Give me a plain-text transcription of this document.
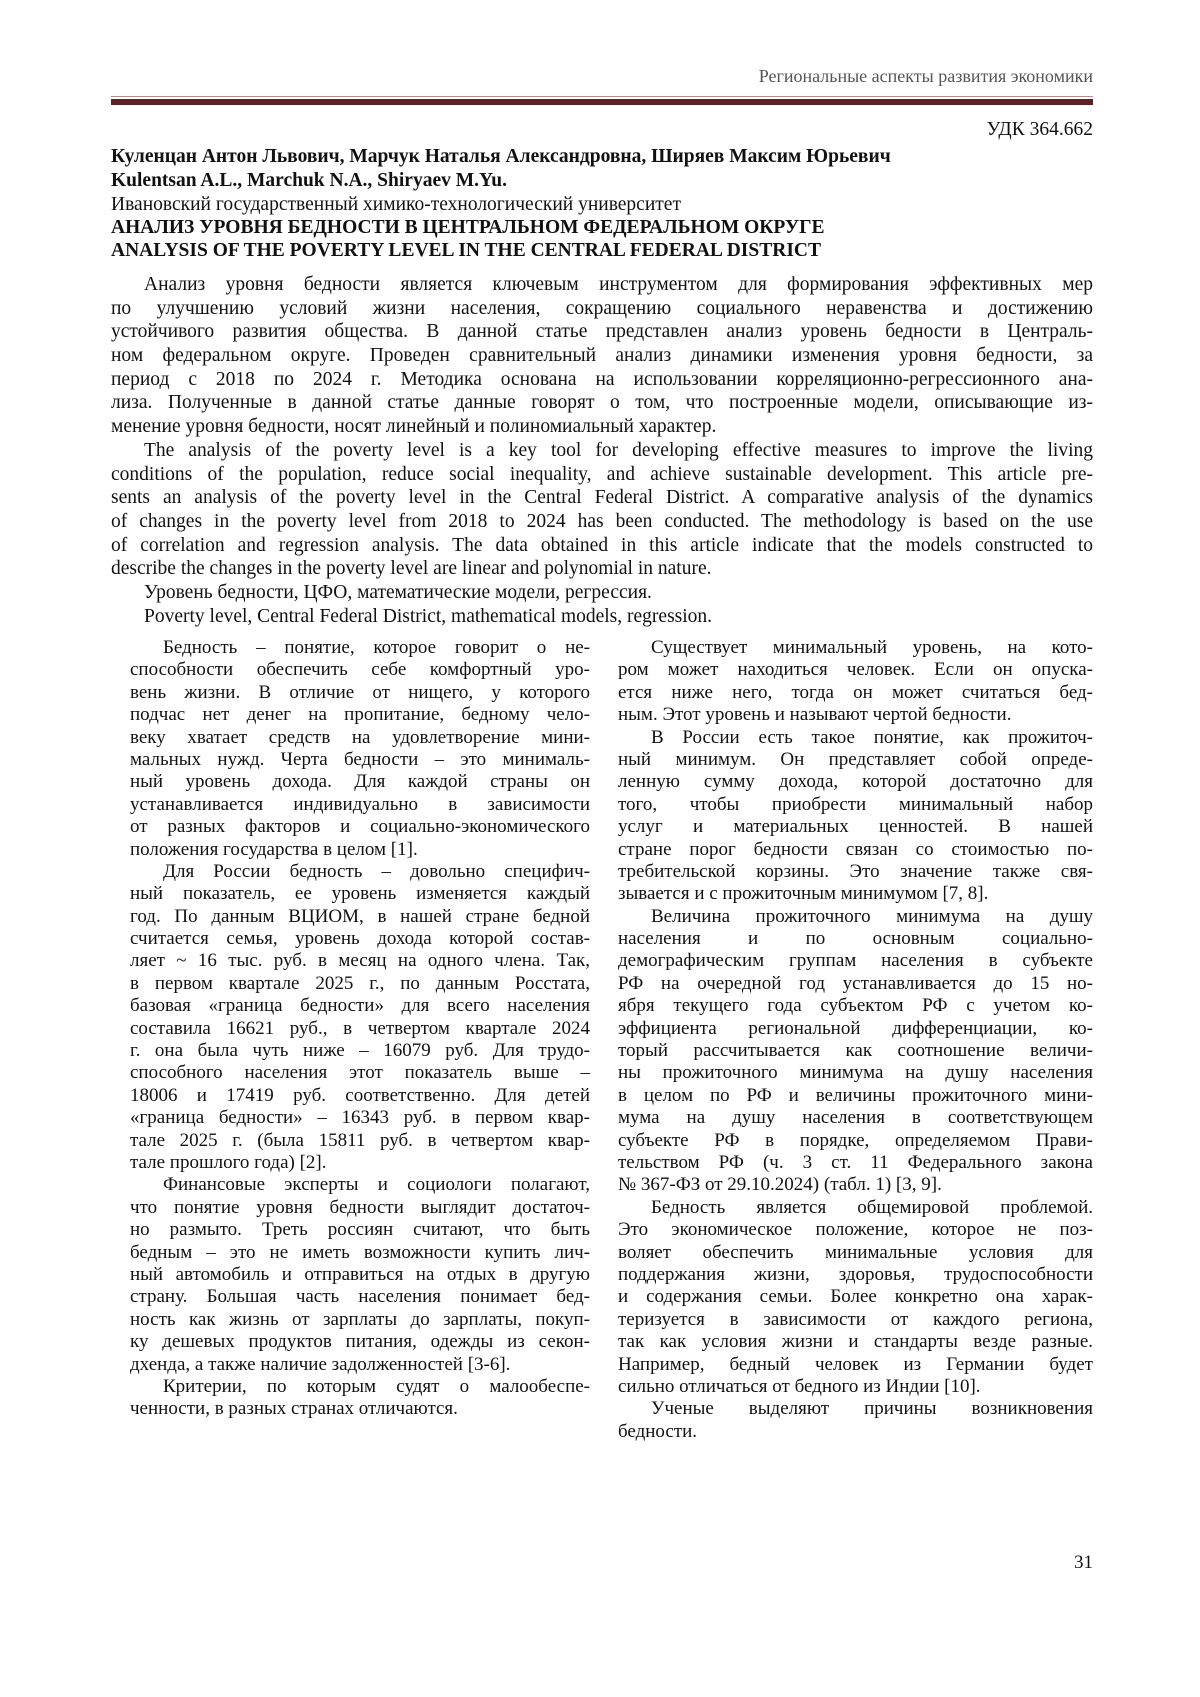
Региональные аспекты развития экономики
УДК 364.662
Куленцан Антон Львович, Марчук Наталья Александровна, Ширяев Максим Юрьевич
Kulentsan A.L., Marchuk N.A., Shiryaev M.Yu.
Ивановский государственный химико-технологический университет
АНАЛИЗ УРОВНЯ БЕДНОСТИ В ЦЕНТРАЛЬНОМ ФЕДЕРАЛЬНОМ ОКРУГЕ
ANALYSIS OF THE POVERTY LEVEL IN THE CENTRAL FEDERAL DISTRICT
Анализ уровня бедности является ключевым инструментом для формирования эффективных мер
по улучшению условий жизни населения, сокращению социального неравенства и достижению
устойчивого развития общества. В данной статье представлен анализ уровень бедности в Централь-
ном федеральном округе. Проведен сравнительный анализ динамики изменения уровня бедности, за
период с 2018 по 2024 г. Методика основана на использовании корреляционно-регрессионного ана-
лиза. Полученные в данной статье данные говорят о том, что построенные модели, описывающие из-
менение уровня бедности, носят линейный и полиномиальный характер.
The analysis of the poverty level is a key tool for developing effective measures to improve the living
conditions of the population, reduce social inequality, and achieve sustainable development. This article pre-
sents an analysis of the poverty level in the Central Federal District. A comparative analysis of the dynamics
of changes in the poverty level from 2018 to 2024 has been conducted. The methodology is based on the use
of correlation and regression analysis. The data obtained in this article indicate that the models constructed to
describe the changes in the poverty level are linear and polynomial in nature.
Уровень бедности, ЦФО, математические модели, регрессия.
Poverty level, Central Federal District, mathematical models, regression.
Бедность – понятие, которое говорит о не-
способности обеспечить себе комфортный уро-
вень жизни. В отличие от нищего, у которого
подчас нет денег на пропитание, бедному чело-
веку хватает средств на удовлетворение мини-
мальных нужд. Черта бедности – это минималь-
ный уровень дохода. Для каждой страны он
устанавливается индивидуально в зависимости
от разных факторов и социально-экономического
положения государства в целом [1].
Для России бедность – довольно специфич-
ный показатель, ее уровень изменяется каждый
год. По данным ВЦИОМ, в нашей стране бедной
считается семья, уровень дохода которой состав-
ляет ~ 16 тыс. руб. в месяц на одного члена. Так,
в первом квартале 2025 г., по данным Росстата,
базовая «граница бедности» для всего населения
составила 16621 руб., в четвертом квартале 2024
г. она была чуть ниже – 16079 руб. Для трудо-
способного населения этот показатель выше –
18006 и 17419 руб. соответственно. Для детей
«граница бедности» – 16343 руб. в первом квар-
тале 2025 г. (была 15811 руб. в четвертом квар-
тале прошлого года) [2].
Финансовые эксперты и социологи полагают,
что понятие уровня бедности выглядит достаточ-
но размыто. Треть россиян считают, что быть
бедным – это не иметь возможности купить лич-
ный автомобиль и отправиться на отдых в другую
страну. Большая часть населения понимает бед-
ность как жизнь от зарплаты до зарплаты, покуп-
ку дешевых продуктов питания, одежды из секон-
дхенда, а также наличие задолженностей [3-6].
Критерии, по которым судят о малообеспе-
ченности, в разных странах отличаются.
Существует минимальный уровень, на кото-
ром может находиться человек. Если он опуска-
ется ниже него, тогда он может считаться бед-
ным. Этот уровень и называют чертой бедности.
В России есть такое понятие, как прожиточ-
ный минимум. Он представляет собой опреде-
ленную сумму дохода, которой достаточно для
того, чтобы приобрести минимальный набор
услуг и материальных ценностей. В нашей
стране порог бедности связан со стоимостью по-
требительской корзины. Это значение также свя-
зывается и с прожиточным минимумом [7, 8].
Величина прожиточного минимума на душу
населения и по основным социально-
демографическим группам населения в субъекте
РФ на очередной год устанавливается до 15 но-
ября текущего года субъектом РФ с учетом ко-
эффициента региональной дифференциации, ко-
торый рассчитывается как соотношение величи-
ны прожиточного минимума на душу населения
в целом по РФ и величины прожиточного мини-
мума на душу населения в соответствующем
субъекте РФ в порядке, определяемом Прави-
тельством РФ (ч. 3 ст. 11 Федерального закона
№ 367-ФЗ от 29.10.2024) (табл. 1) [3, 9].
Бедность является общемировой проблемой.
Это экономическое положение, которое не поз-
воляет обеспечить минимальные условия для
поддержания жизни, здоровья, трудоспособности
и содержания семьи. Более конкретно она харак-
теризуется в зависимости от каждого региона,
так как условия жизни и стандарты везде разные.
Например, бедный человек из Германии будет
сильно отличаться от бедного из Индии [10].
Ученые выделяют причины возникновения
бедности.
31
